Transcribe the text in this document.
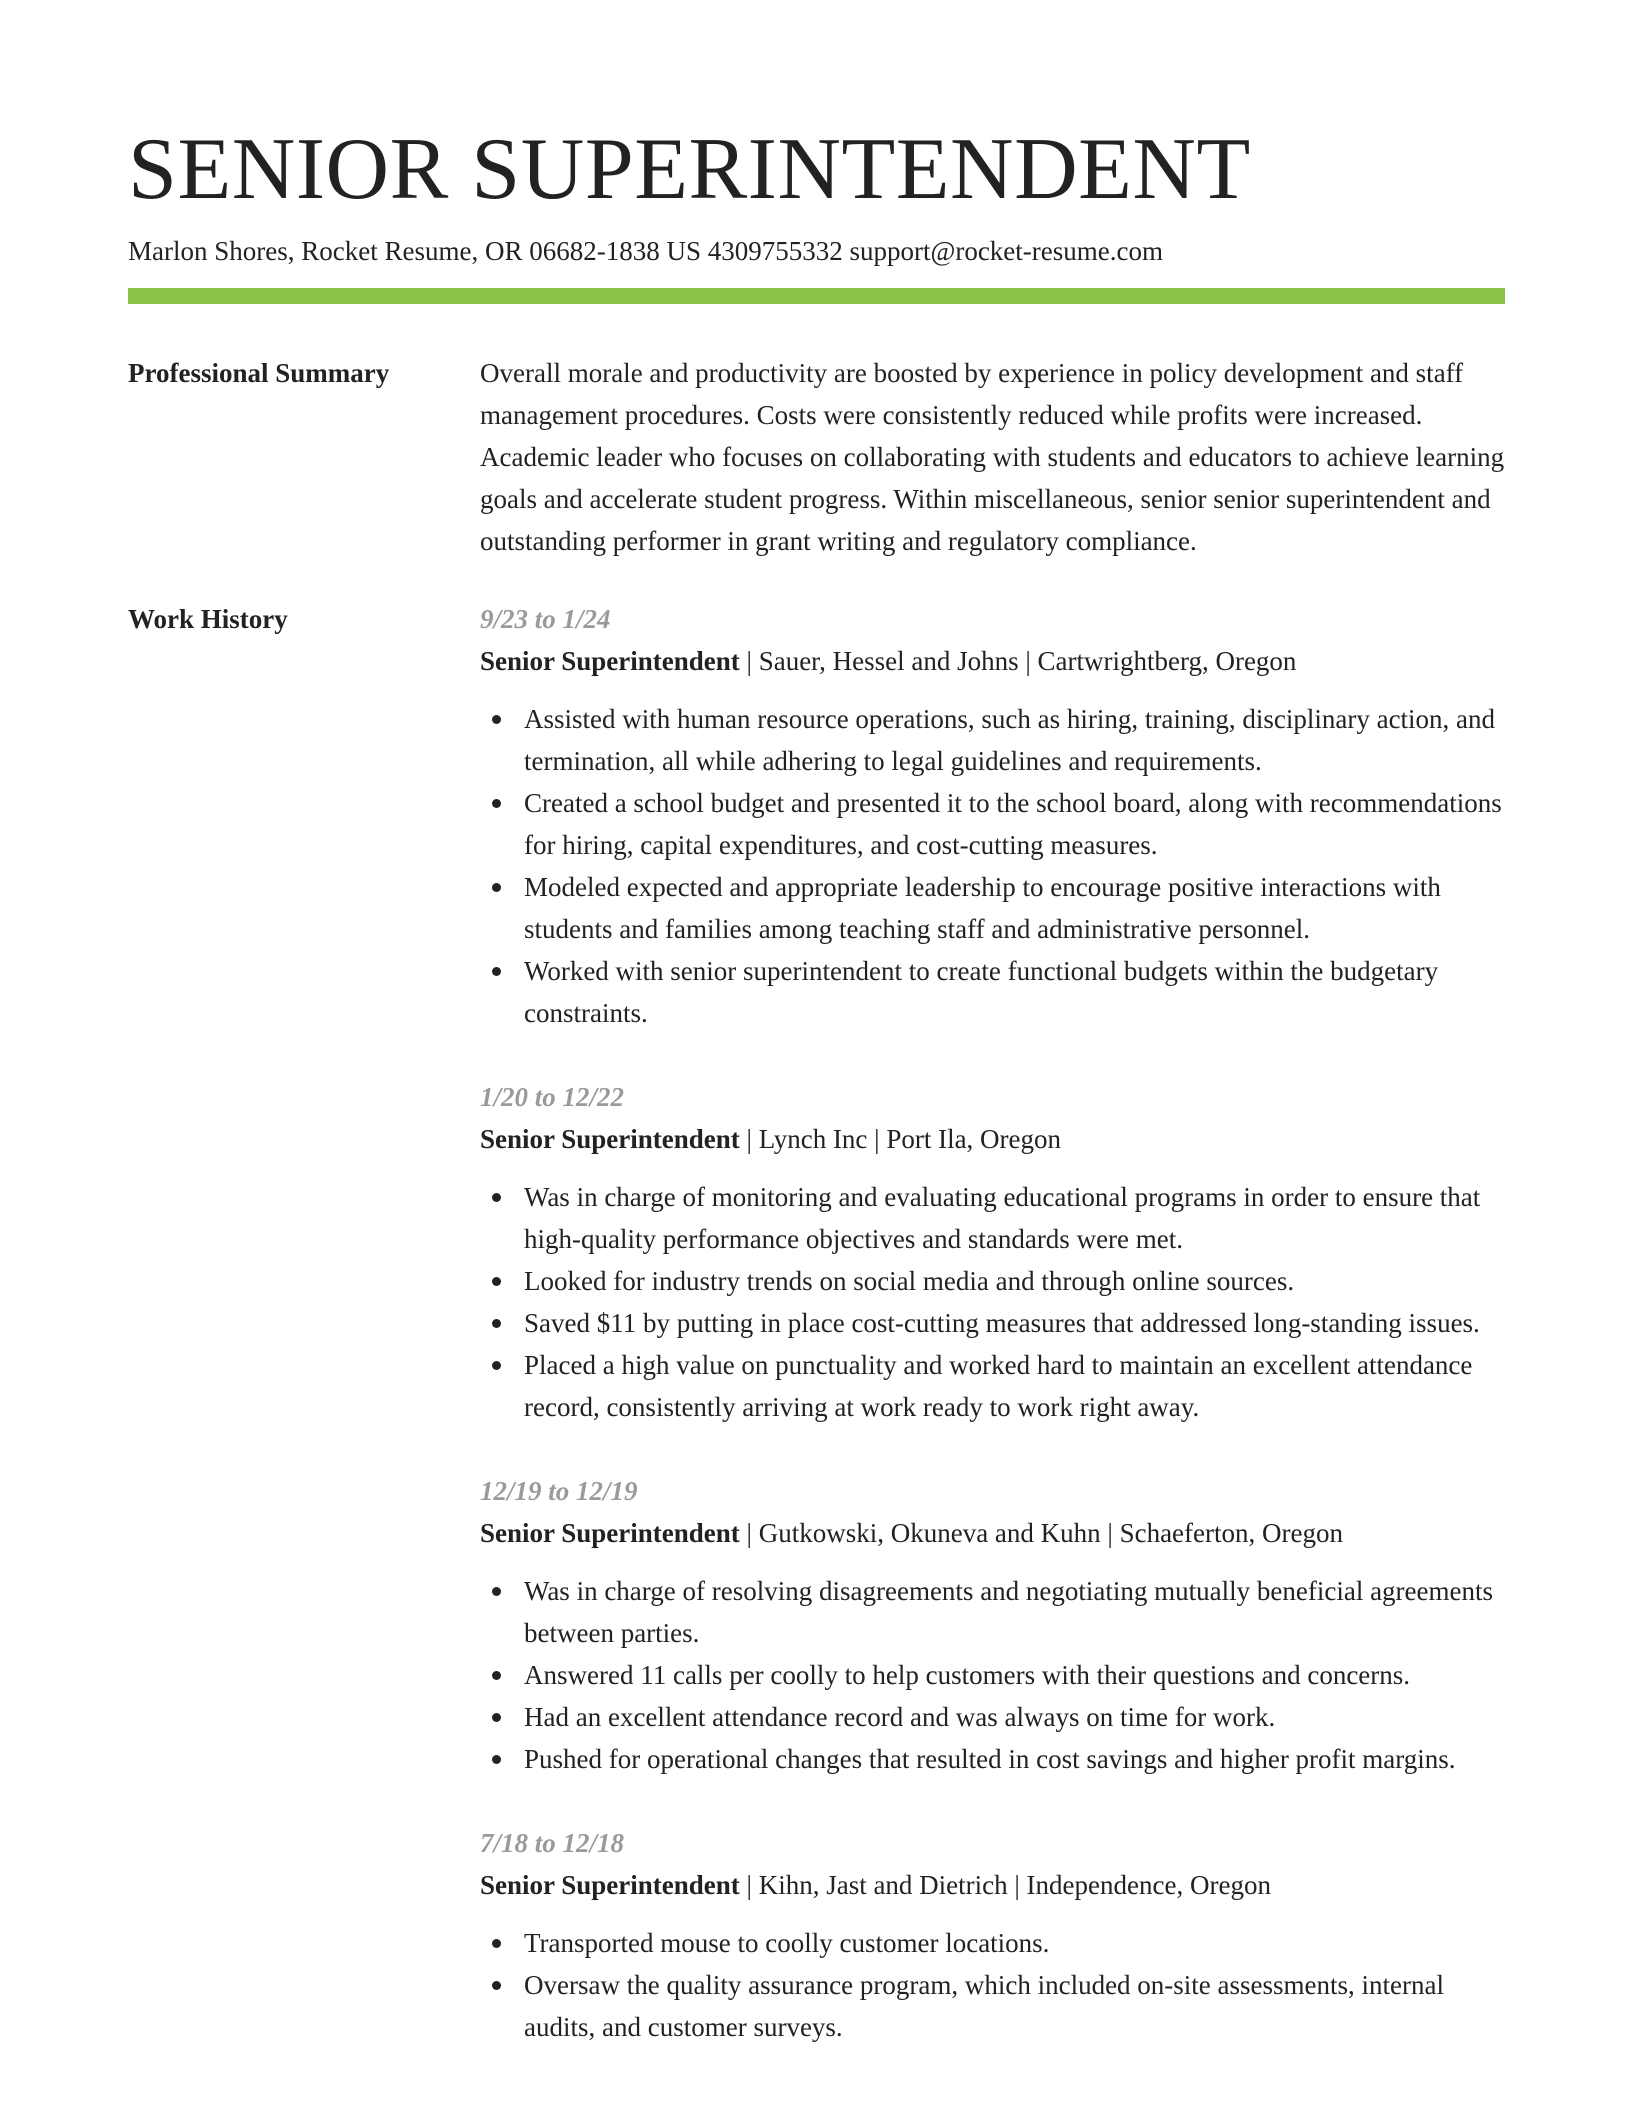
SENIOR SUPERINTENDENT
Marlon Shores, Rocket Resume, OR 06682-1838 US 4309755332 support@rocket-resume.com
Professional Summary	Overall morale and productivity are boosted by experience in policy development and staff management procedures. Costs were consistently reduced while profits were increased. Academic leader who focuses on collaborating with students and educators to achieve learning goals and accelerate student progress. Within miscellaneous, senior senior superintendent and outstanding performer in grant writing and regulatory compliance.

Work History	9/23 to 1/24
Senior Superintendent | Sauer, Hessel and Johns | Cartwrightberg, Oregon
Assisted with human resource operations, such as hiring, training, disciplinary action, and termination, all while adhering to legal guidelines and requirements.
Created a school budget and presented it to the school board, along with recommendations for hiring, capital expenditures, and cost-cutting measures.
Modeled expected and appropriate leadership to encourage positive interactions with students and families among teaching staff and administrative personnel.
Worked with senior superintendent to create functional budgets within the budgetary constraints.
1/20 to 12/22
Senior Superintendent | Lynch Inc | Port Ila, Oregon
Was in charge of monitoring and evaluating educational programs in order to ensure that high-quality performance objectives and standards were met.
Looked for industry trends on social media and through online sources.
Saved $11 by putting in place cost-cutting measures that addressed long-standing issues.
Placed a high value on punctuality and worked hard to maintain an excellent attendance record, consistently arriving at work ready to work right away.
12/19 to 12/19
Senior Superintendent | Gutkowski, Okuneva and Kuhn | Schaeferton, Oregon
Was in charge of resolving disagreements and negotiating mutually beneficial agreements between parties.
Answered 11 calls per coolly to help customers with their questions and concerns.
Had an excellent attendance record and was always on time for work.
Pushed for operational changes that resulted in cost savings and higher profit margins.
7/18 to 12/18
Senior Superintendent | Kihn, Jast and Dietrich | Independence, Oregon
Transported mouse to coolly customer locations.
Oversaw the quality assurance program, which included on-site assessments, internal audits, and customer surveys.
